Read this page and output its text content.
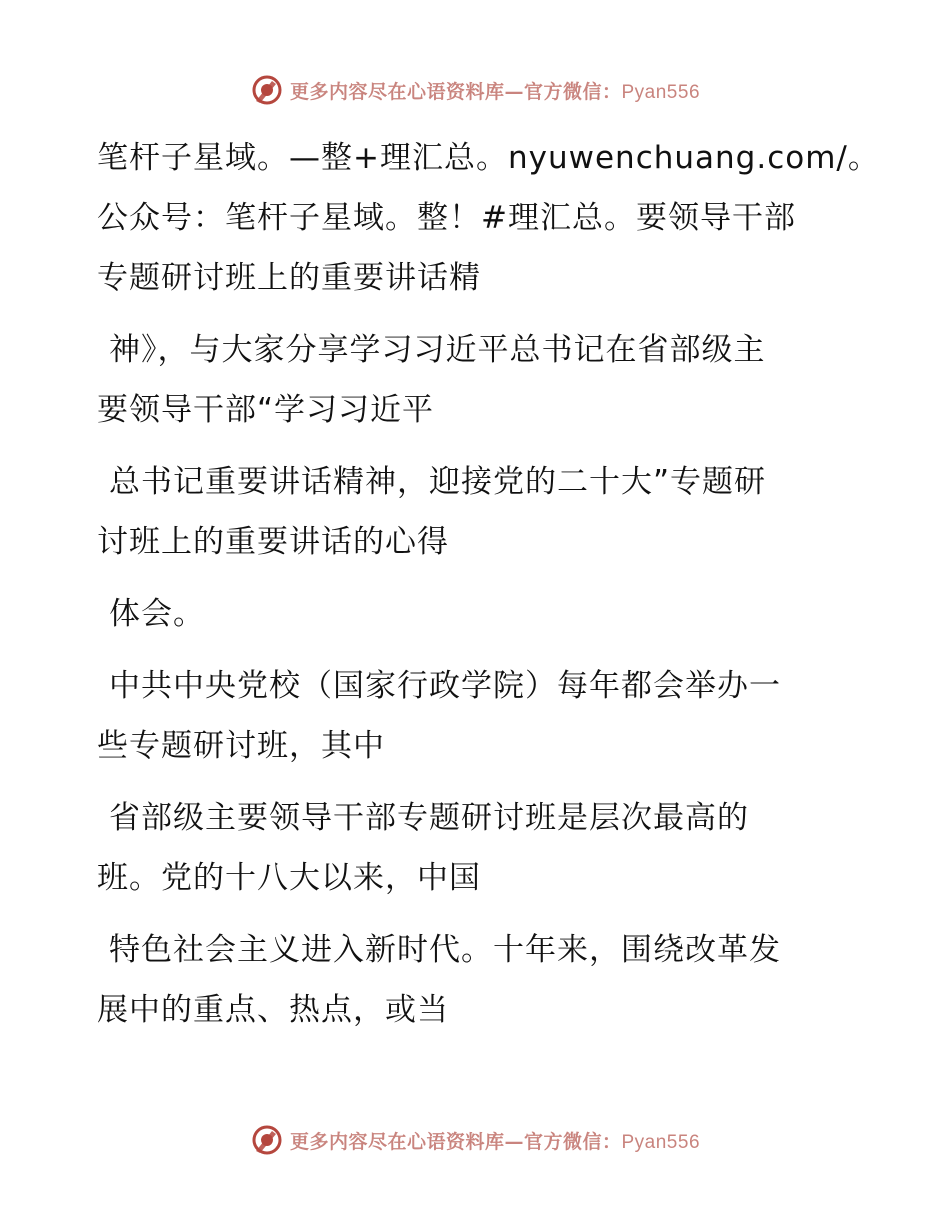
更多内容尽在心语资料库—官方微信：Pyan556

笔杆子星域。—整+理汇总。nyuwenchuang.com/。
公众号：笔杆子星域。整！#理汇总。要领导干部
专题研讨班上的重要讲话精

神》，与大家分享学习习近平总书记在省部级主
要领导干部“学习习近平

总书记重要讲话精神，迎接党的二十大”专题研
讨班上的重要讲话的心得

体会。

中共中央党校（国家行政学院）每年都会举办一
些专题研讨班，其中

省部级主要领导干部专题研讨班是层次最高的
班。党的十八大以来，中国

特色社会主义进入新时代。十年来，围绕改革发
展中的重点、热点，或当

更多内容尽在心语资料库—官方微信：Pyan556
